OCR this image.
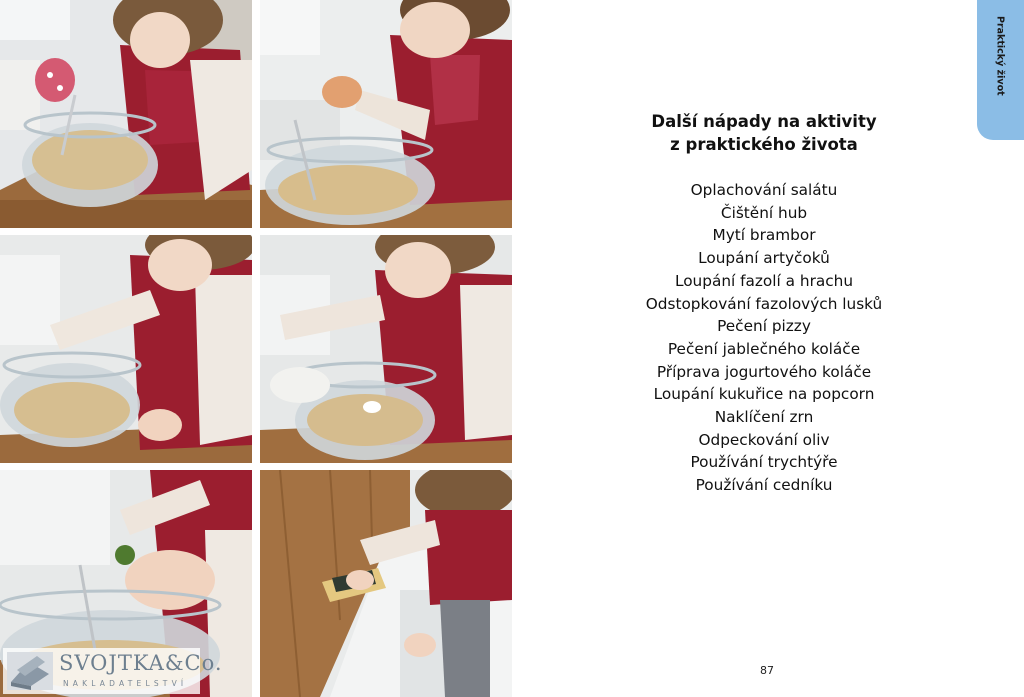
SVOJTKA&Co.
NAKLADATELSTVÍ
Praktický život
Další nápady na aktivity
z praktického života
Oplachování salátu
Čištění hub
Mytí brambor
Loupání artyčoků
Loupání fazolí a hrachu
Odstopkování fazolových lusků
Pečení pizzy
Pečení jablečného koláče
Příprava jogurtového koláče
Loupání kukuřice na popcorn
Naklíčení zrn
Odpeckování oliv
Používání trychtýře
Používání cedníku
87
